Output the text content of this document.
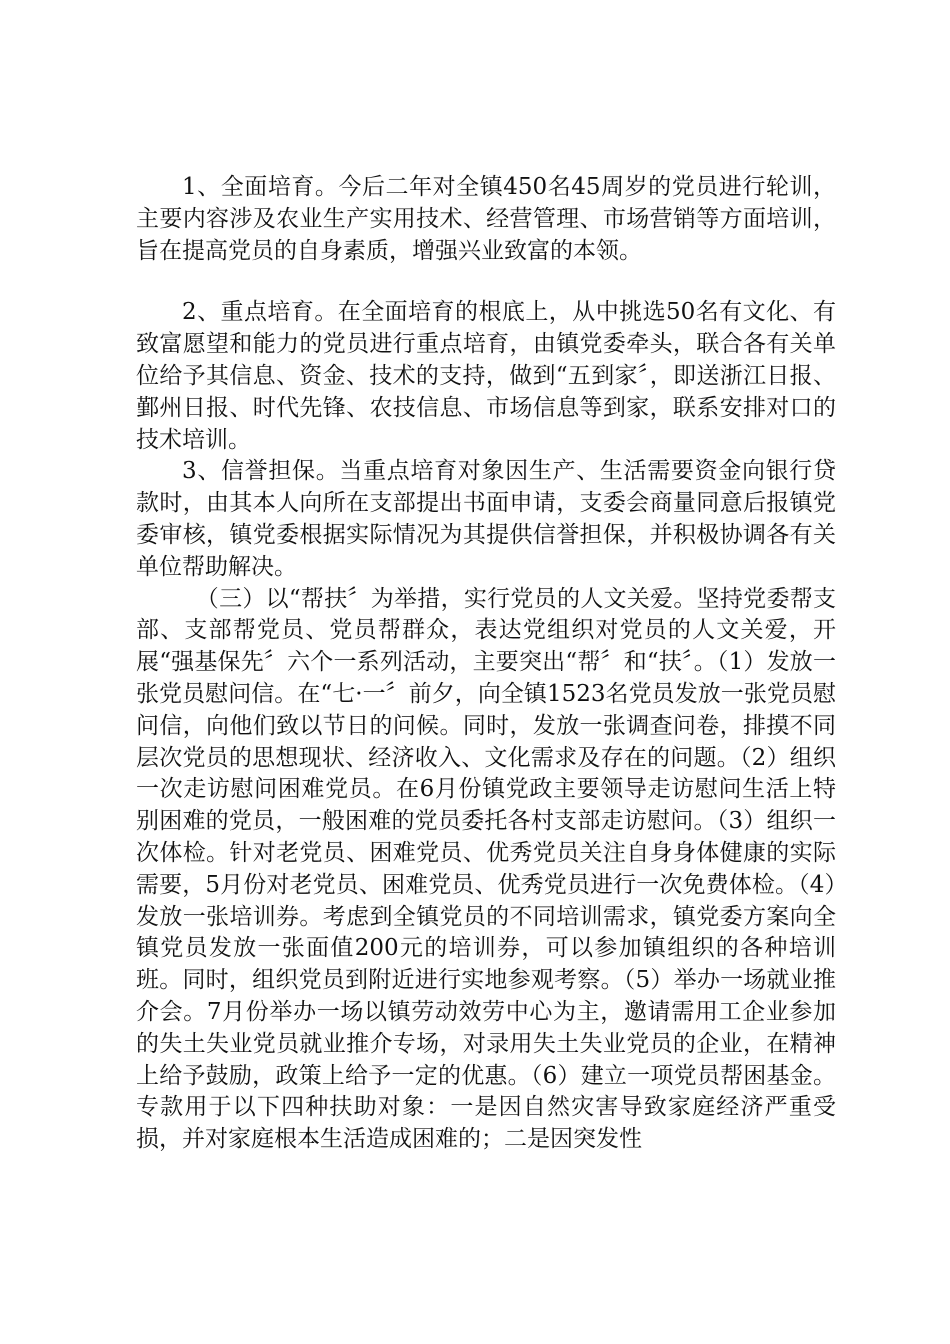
1、全面培育。今后二年对全镇450名45周岁的党员进行轮训，主要内容涉及农业生产实用技术、经营管理、市场营销等方面培训，旨在提高党员的自身素质，增强兴业致富的本领。

2、重点培育。在全面培育的根底上，从中挑选50名有文化、有致富愿望和能力的党员进行重点培育，由镇党委牵头，联合各有关单位给予其信息、资金、技术的支持，做到“五到家〞，即送浙江日报、鄞州日报、时代先锋、农技信息、市场信息等到家，联系安排对口的技术培训。

3、信誉担保。当重点培育对象因生产、生活需要资金向银行贷款时，由其本人向所在支部提出书面申请，支委会商量同意后报镇党委审核，镇党委根据实际情况为其提供信誉担保，并积极协调各有关单位帮助解决。

（三）以“帮扶〞为举措，实行党员的人文关爱。坚持党委帮支部、支部帮党员、党员帮群众，表达党组织对党员的人文关爱，开展“强基保先〞六个一系列活动，主要突出“帮〞和“扶〞。（1）发放一张党员慰问信。在“七·一〞前夕，向全镇1523名党员发放一张党员慰问信，向他们致以节日的问候。同时，发放一张调查问卷，排摸不同层次党员的思想现状、经济收入、文化需求及存在的问题。（2）组织一次走访慰问困难党员。在6月份镇党政主要领导走访慰问生活上特别困难的党员，一般困难的党员委托各村支部走访慰问。（3）组织一次体检。针对老党员、困难党员、优秀党员关注自身身体健康的实际需要，5月份对老党员、困难党员、优秀党员进行一次免费体检。（4）发放一张培训券。考虑到全镇党员的不同培训需求，镇党委方案向全镇党员发放一张面值200元的培训券，可以参加镇组织的各种培训班。同时，组织党员到附近进行实地参观考察。（5）举办一场就业推介会。7月份举办一场以镇劳动效劳中心为主，邀请需用工企业参加的失土失业党员就业推介专场，对录用失土失业党员的企业，在精神上给予鼓励，政策上给予一定的优惠。（6）建立一项党员帮困基金。专款用于以下四种扶助对象：一是因自然灾害导致家庭经济严重受损，并对家庭根本生活造成困难的；二是因突发性
